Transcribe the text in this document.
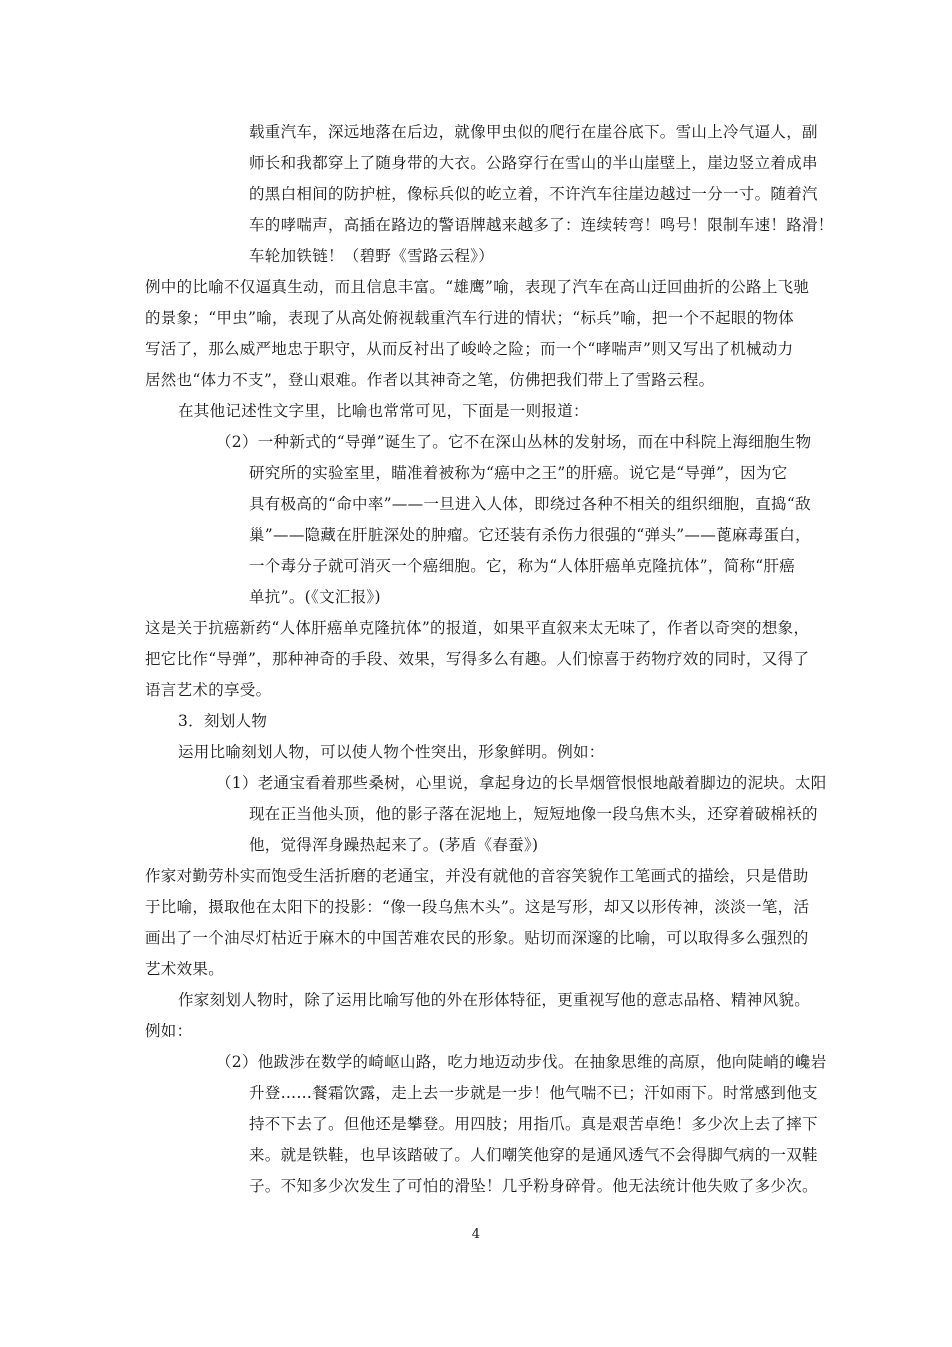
载重汽车，深远地落在后边，就像甲虫似的爬行在崖谷底下。雪山上冷气逼人，副
师长和我都穿上了随身带的大衣。公路穿行在雪山的半山崖壁上，崖边竖立着成串
的黑白相间的防护桩，像标兵似的屹立着，不许汽车往崖边越过一分一寸。随着汽
车的哮喘声，高插在路边的警语牌越来越多了：连续转弯！鸣号！限制车速！路滑！
车轮加铁链！（碧野《雪路云程》）
例中的比喻不仅逼真生动，而且信息丰富。“雄鹰”喻，表现了汽车在高山迂回曲折的公路上飞驰
的景象；“甲虫”喻，表现了从高处俯视载重汽车行进的情状；“标兵”喻，把一个不起眼的物体
写活了，那么威严地忠于职守，从而反衬出了峻岭之险；而一个“哮喘声”则又写出了机械动力
居然也“体力不支”，登山艰难。作者以其神奇之笔，仿佛把我们带上了雪路云程。
在其他记述性文字里，比喻也常常可见，下面是一则报道：
（2）一种新式的“导弹”诞生了。它不在深山丛林的发射场，而在中科院上海细胞生物
研究所的实验室里，瞄准着被称为“癌中之王”的肝癌。说它是“导弹”，因为它
具有极高的“命中率”——一旦进入人体，即绕过各种不相关的组织细胞，直捣“敌
巢”——隐藏在肝脏深处的肿瘤。它还装有杀伤力很强的“弹头”——蓖麻毒蛋白，
一个毒分子就可消灭一个癌细胞。它，称为“人体肝癌单克隆抗体”，简称“肝癌
单抗”。(《文汇报》)
这是关于抗癌新药“人体肝癌单克隆抗体”的报道，如果平直叙来太无味了，作者以奇突的想象，
把它比作“导弹”，那种神奇的手段、效果，写得多么有趣。人们惊喜于药物疗效的同时，又得了
语言艺术的享受。
3．刻划人物
运用比喻刻划人物，可以使人物个性突出，形象鲜明。例如：
（1）老通宝看着那些桑树，心里说，拿起身边的长旱烟管恨恨地敲着脚边的泥块。太阳
现在正当他头顶，他的影子落在泥地上，短短地像一段乌焦木头，还穿着破棉袄的
他，觉得浑身躁热起来了。(茅盾《春蚕》)
作家对勤劳朴实而饱受生活折磨的老通宝，并没有就他的音容笑貌作工笔画式的描绘，只是借助
于比喻，摄取他在太阳下的投影：“像一段乌焦木头”。这是写形，却又以形传神，淡淡一笔，活
画出了一个油尽灯枯近于麻木的中国苦难农民的形象。贴切而深邃的比喻，可以取得多么强烈的
艺术效果。
作家刻划人物时，除了运用比喻写他的外在形体特征，更重视写他的意志品格、精神风貌。
例如：
（2）他跋涉在数学的崎岖山路，吃力地迈动步伐。在抽象思维的高原，他向陡峭的巉岩
升登……餐霜饮露，走上去一步就是一步！他气喘不已；汗如雨下。时常感到他支
持不下去了。但他还是攀登。用四肢；用指爪。真是艰苦卓绝！多少次上去了摔下
来。就是铁鞋，也早该踏破了。人们嘲笑他穿的是通风透气不会得脚气病的一双鞋
子。不知多少次发生了可怕的滑坠！几乎粉身碎骨。他无法统计他失败了多少次。
4
